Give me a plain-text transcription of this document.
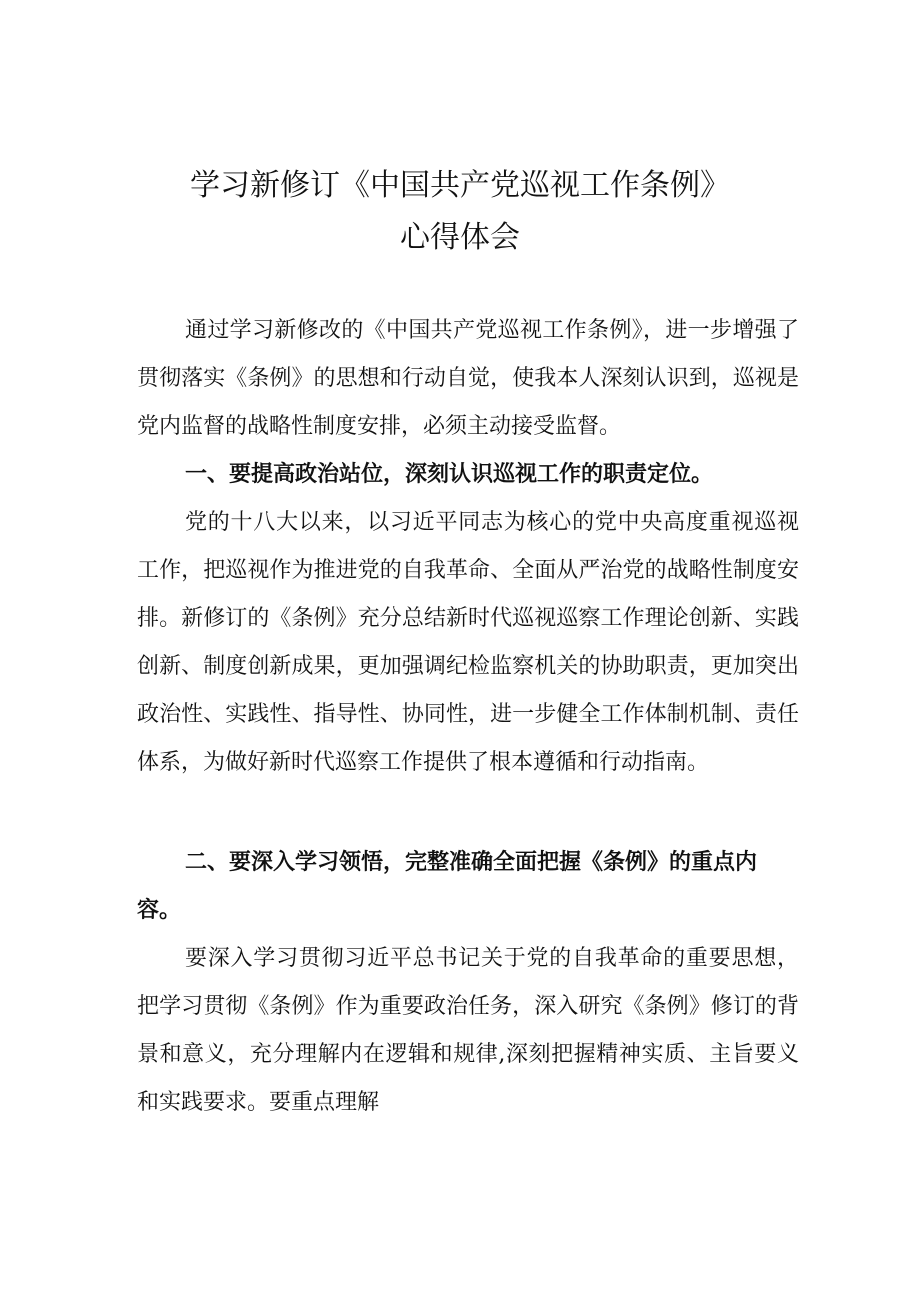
学习新修订《中国共产党巡视工作条例》
心得体会

通过学习新修改的《中国共产党巡视工作条例》，进一步增强了贯彻落实《条例》的思想和行动自觉，使我本人深刻认识到，巡视是党内监督的战略性制度安排，必须主动接受监督。

一、要提高政治站位，深刻认识巡视工作的职责定位。

党的十八大以来，以习近平同志为核心的党中央高度重视巡视工作，把巡视作为推进党的自我革命、全面从严治党的战略性制度安排。新修订的《条例》充分总结新时代巡视巡察工作理论创新、实践创新、制度创新成果，更加强调纪检监察机关的协助职责，更加突出政治性、实践性、指导性、协同性，进一步健全工作体制机制、责任体系，为做好新时代巡察工作提供了根本遵循和行动指南。

二、要深入学习领悟，完整准确全面把握《条例》的重点内容。

要深入学习贯彻习近平总书记关于党的自我革命的重要思想，把学习贯彻《条例》作为重要政治任务，深入研究《条例》修订的背景和意义，充分理解内在逻辑和规律,深刻把握精神实质、主旨要义和实践要求。要重点理解
